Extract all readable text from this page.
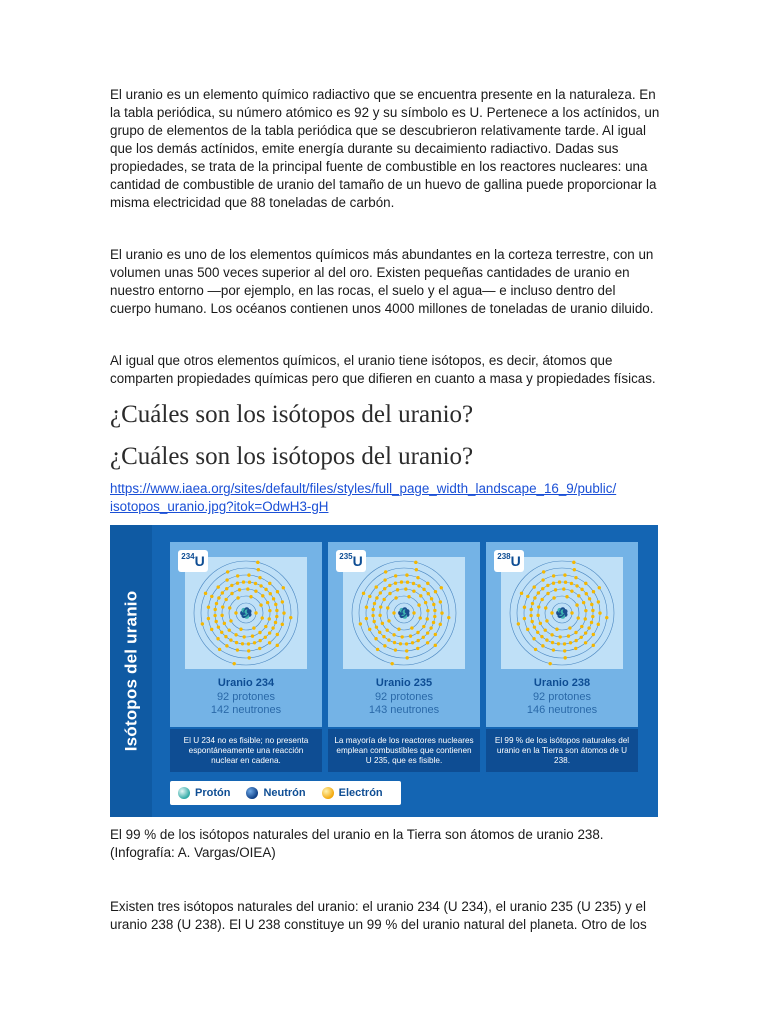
El uranio es un elemento químico radiactivo que se encuentra presente en la naturaleza. En la tabla periódica, su número atómico es 92 y su símbolo es U. Pertenece a los actínidos, un grupo de elementos de la tabla periódica que se descubrieron relativamente tarde. Al igual que los demás actínidos, emite energía durante su decaimiento radiactivo. Dadas sus propiedades, se trata de la principal fuente de combustible en los reactores nucleares: una cantidad de combustible de uranio del tamaño de un huevo de gallina puede proporcionar la misma electricidad que 88 toneladas de carbón.

El uranio es uno de los elementos químicos más abundantes en la corteza terrestre, con un volumen unas 500 veces superior al del oro. Existen pequeñas cantidades de uranio en nuestro entorno —por ejemplo, en las rocas, el suelo y el agua— e incluso dentro del cuerpo humano. Los océanos contienen unos 4000 millones de toneladas de uranio diluido.

Al igual que otros elementos químicos, el uranio tiene isótopos, es decir, átomos que comparten propiedades químicas pero que difieren en cuanto a masa y propiedades físicas.

¿Cuáles son los isótopos del uranio?
¿Cuáles son los isótopos del uranio?
https://www.iaea.org/sites/default/files/styles/full_page_width_landscape_16_9/public/
isotopos_uranio.jpg?itok=OdwH3-gH
Isótopos del uranio
$^{234}$U
Uranio 234
92 protones
142 neutrones
El U 234 no es fisible; no presenta espontáneamente una reacción nuclear en cadena.
$^{235}$U
Uranio 235
92 protones
143 neutrones
La mayoría de los reactores nucleares emplean combustibles que contienen U 235, que es fisible.
$^{238}$U
Uranio 238
92 protones
146 neutrones
El 99 % de los isótopos naturales del uranio en la Tierra son átomos de U 238.
Protón	Neutrón	Electrón

El 99 % de los isótopos naturales del uranio en la Tierra son átomos de uranio 238. (Infografía: A. Vargas/OIEA)

Existen tres isótopos naturales del uranio: el uranio 234 (U 234), el uranio 235 (U 235) y el uranio 238 (U 238). El U 238 constituye un 99 % del uranio natural del planeta. Otro de los
